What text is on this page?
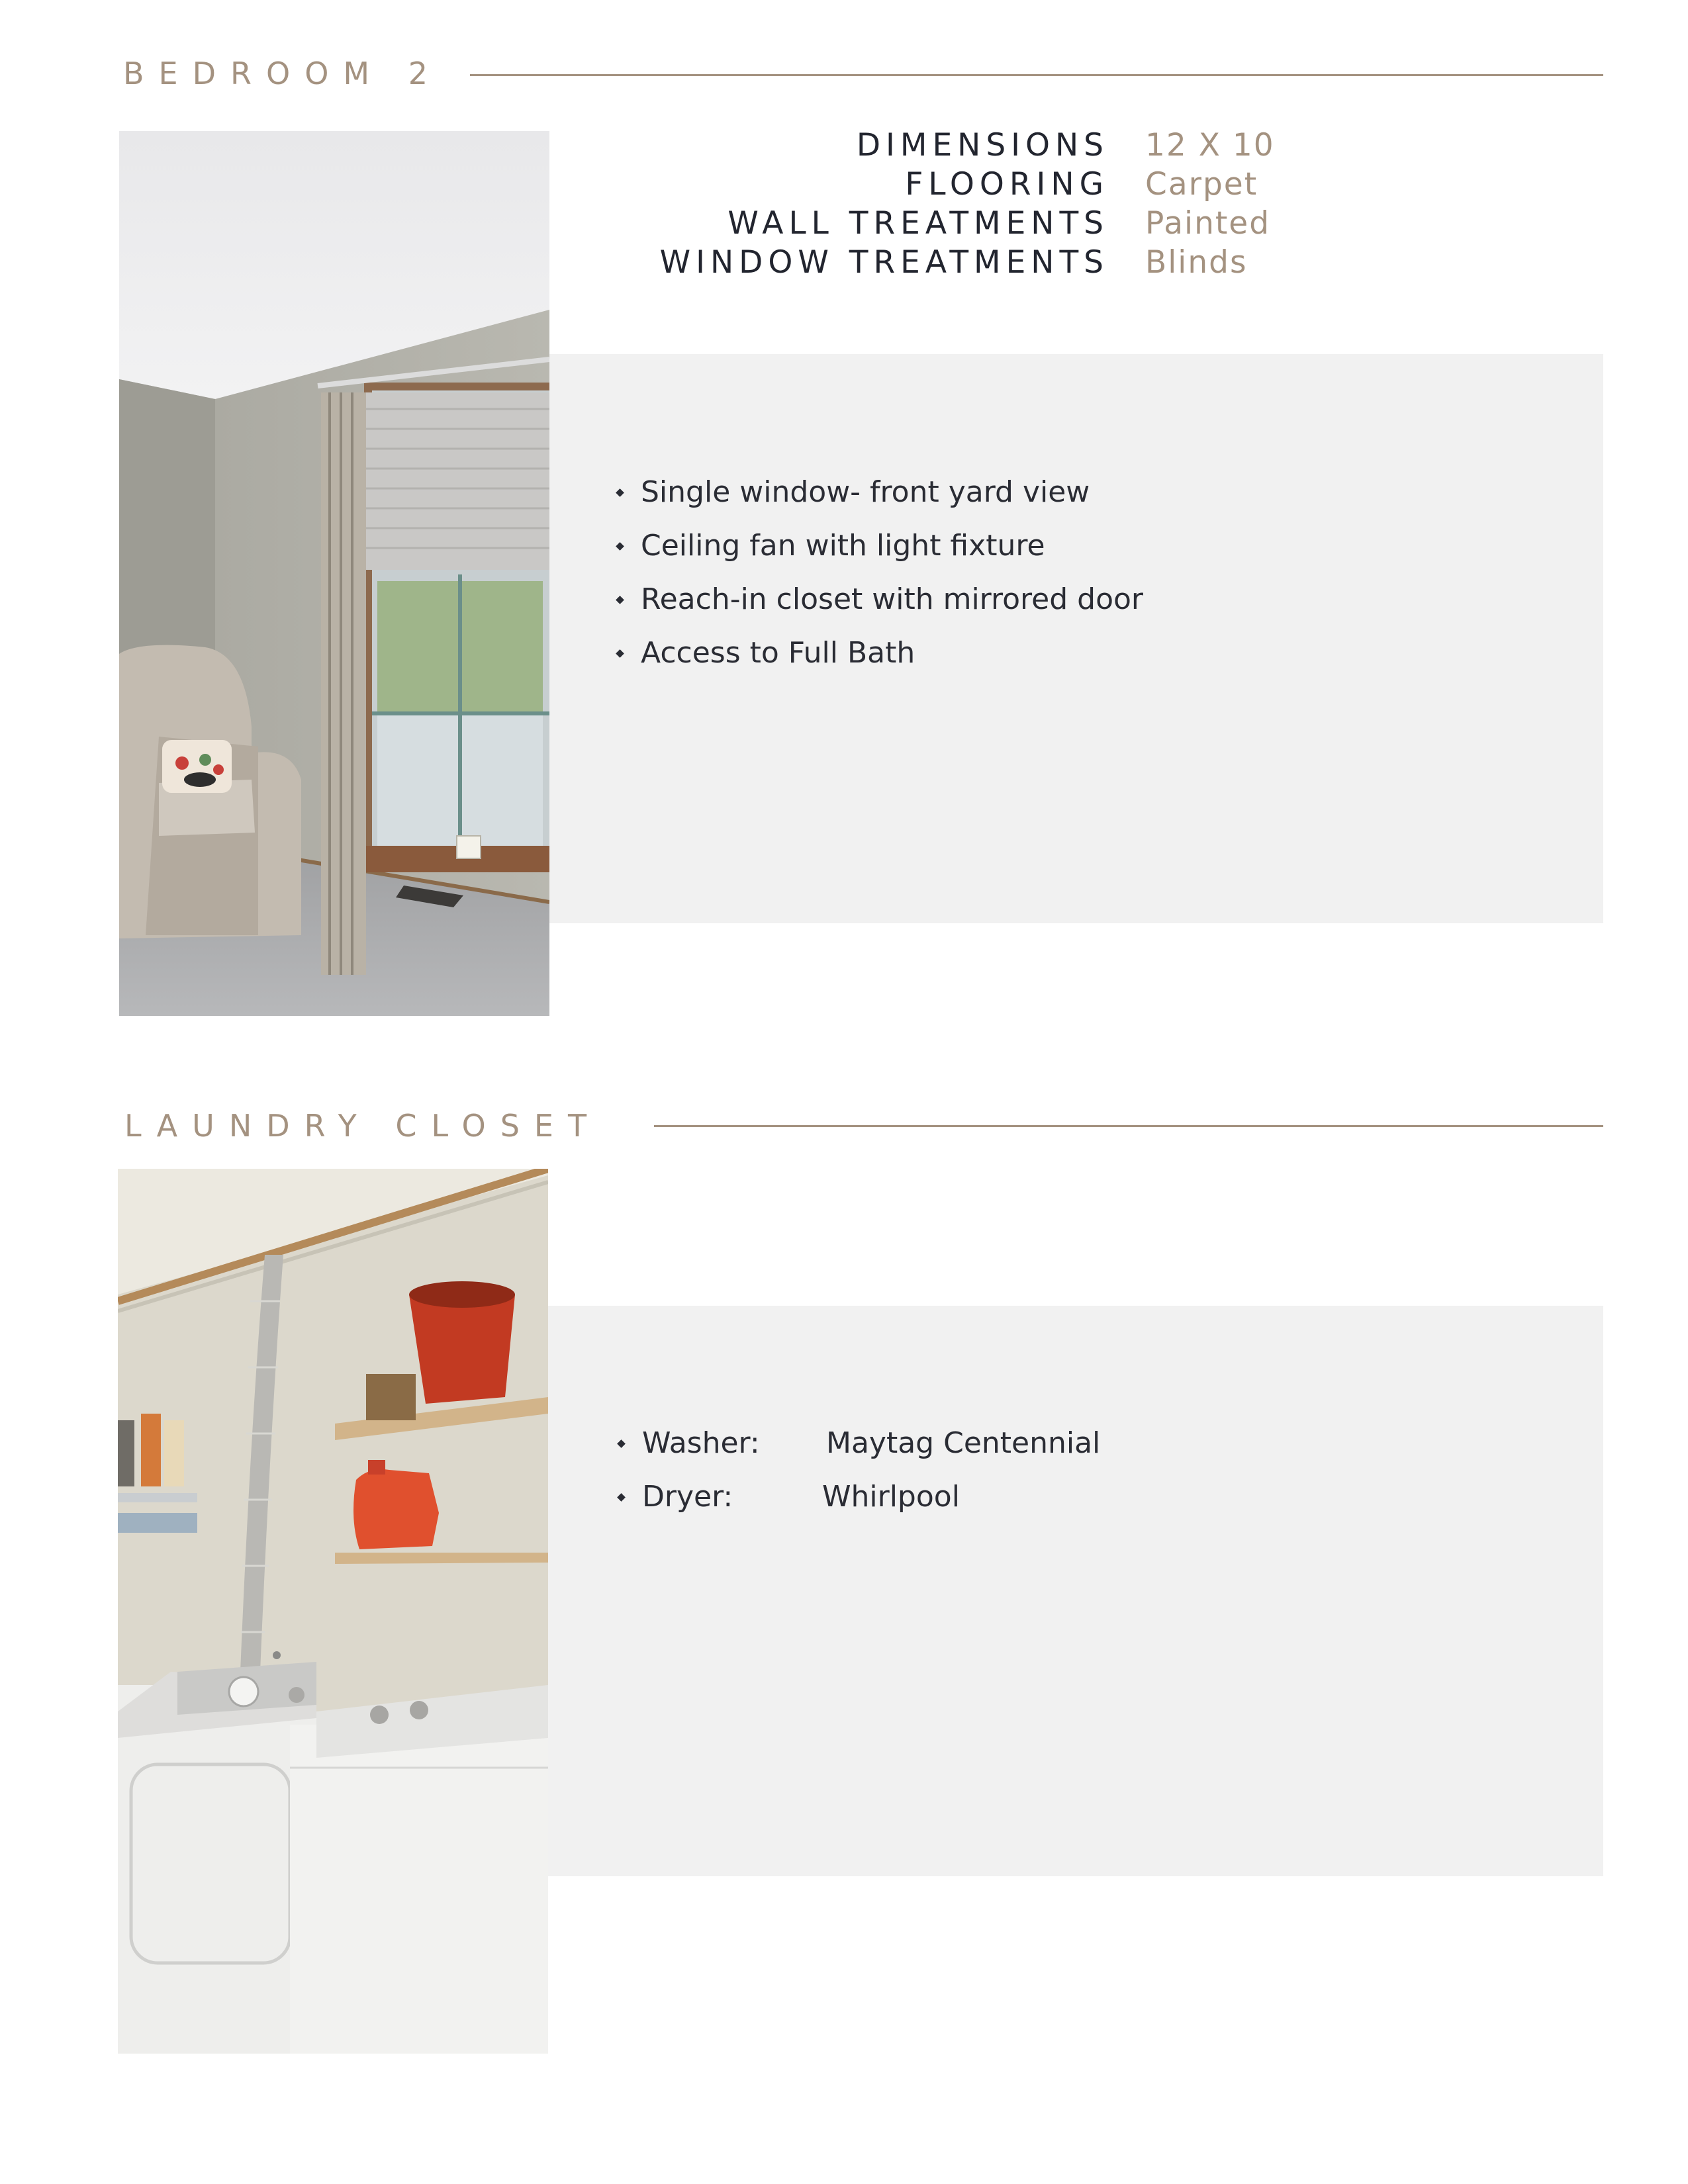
BEDROOM 2
DIMENSIONS 12 X 10
FLOORING Carpet
WALL TREATMENTS Painted
WINDOW TREATMENTS Blinds
Single window- front yard view
Ceiling fan with light fixture
Reach-in closet with mirrored door
Access to Full Bath
LAUNDRY CLOSET
Washer: Maytag Centennial
Dryer:	Whirlpool
